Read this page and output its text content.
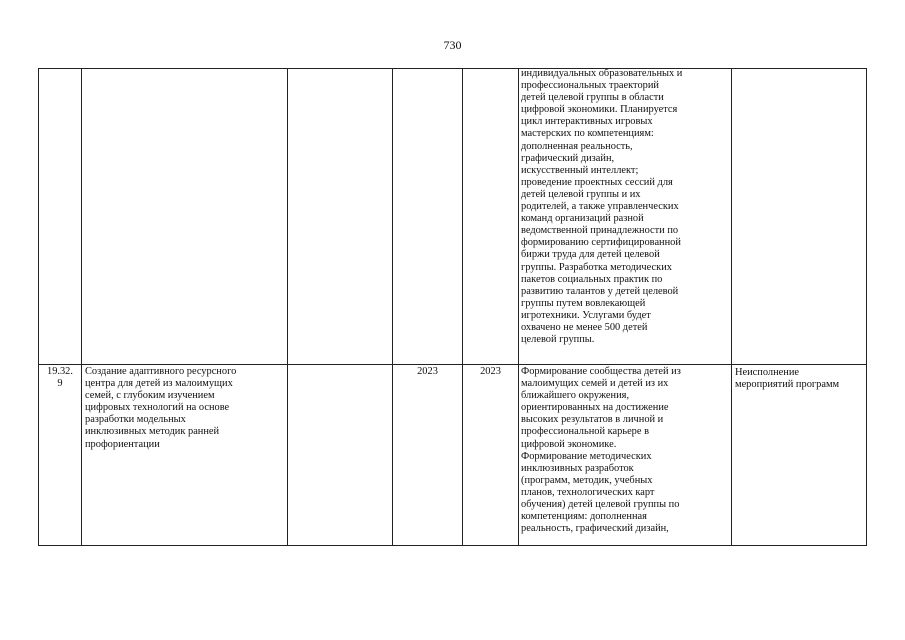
730
индивидуальных образовательных и
профессиональных траекторий
детей целевой группы в области
цифровой экономики. Планируется
цикл интерактивных игровых
мастерских по компетенциям:
дополненная реальность,
графический дизайн,
искусственный интеллект;
проведение проектных сессий для
детей целевой группы и их
родителей, а также управленческих
команд организаций разной
ведомственной принадлежности по
формированию сертифицированной
биржи труда для детей целевой
группы. Разработка методических
пакетов социальных практик по
развитию талантов у детей целевой
группы путем вовлекающей
игротехники. Услугами будет
охвачено не менее 500 детей
целевой группы.
19.32.
9
Создание адаптивного ресурсного
центра для детей из малоимущих
семей, с глубоким изучением
цифровых технологий на основе
разработки модельных
инклюзивных методик ранней
профориентации
2023	2023	Формирование сообщества детей из
малоимущих семей и детей из их
ближайшего окружения,
ориентированных на достижение
высоких результатов в личной и
профессиональной карьере в
цифровой экономике.
Формирование методических
инклюзивных разработок
(программ, методик, учебных
планов, технологических карт
обучения) детей целевой группы по
компетенциям: дополненная
реальность, графический дизайн,
Неисполнение
мероприятий программ
